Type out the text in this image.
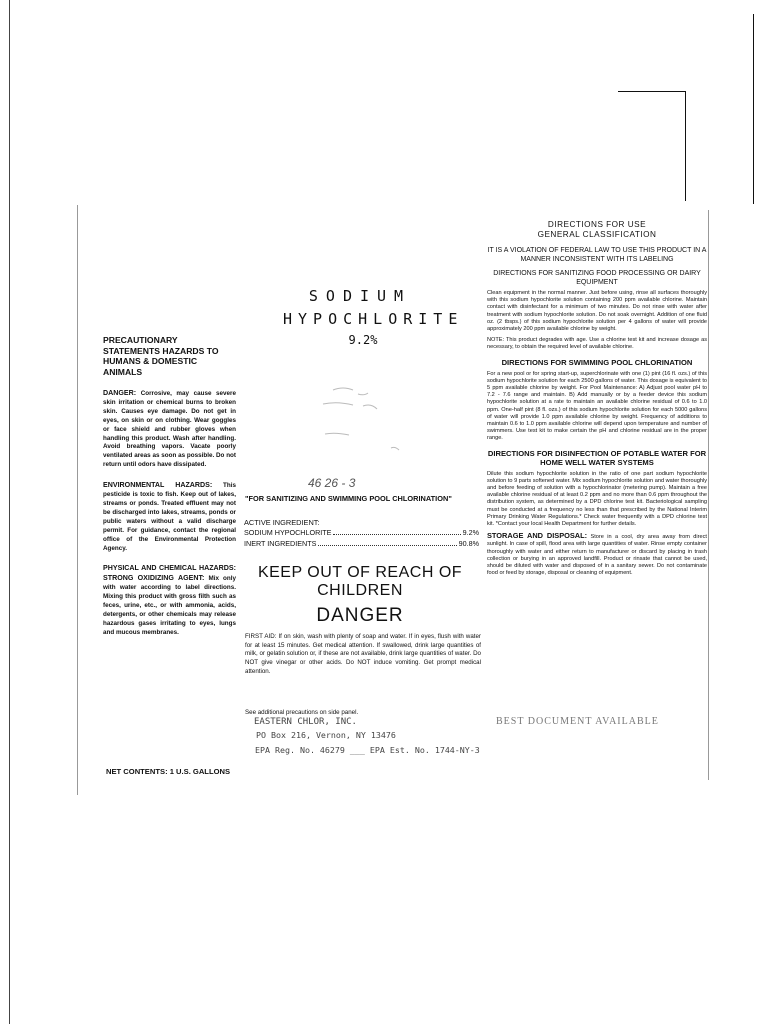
PRECAUTIONARY STATEMENTS HAZARDS TO HUMANS & DOMESTIC ANIMALS
DANGER: Corrosive, may cause severe skin irritation or chemical burns to broken skin. Causes eye damage. Do not get in eyes, on skin or on clothing. Wear goggles or face shield and rubber gloves when handling this product. Wash after handling. Avoid breathing vapors. Vacate poorly ventilated areas as soon as possible. Do not return until odors have dissipated.
ENVIRONMENTAL HAZARDS: This pesticide is toxic to fish. Keep out of lakes, streams or ponds. Treated effluent may not be discharged into lakes, streams, ponds or public waters without a valid discharge permit. For guidance, contact the regional office of the Environmental Protection Agency.
PHYSICAL AND CHEMICAL HAZARDS: STRONG OXIDIZING AGENT: Mix only with water according to label directions. Mixing this product with gross filth such as feces, urine, etc., or with ammonia, acids, detergents, or other chemicals may release hazardous gases irritating to eyes, lungs and mucous membranes.
NET CONTENTS: 1 U.S. GALLONS
SODIUM
HYPOCHLORITE
9.2%
46 26 - 3
"FOR SANITIZING AND SWIMMING POOL CHLORINATION"
ACTIVE INGREDIENT:
SODIUM HYPOCHLORITE	9.2%
INERT INGREDIENTS	90.8%
KEEP OUT OF REACH OF CHILDREN
DANGER
FIRST AID: If on skin, wash with plenty of soap and water. If in eyes, flush with water for at least 15 minutes. Get medical attention. If swallowed, drink large quantities of milk, or gelatin solution or, if these are not available, drink large quantities of water. Do NOT give vinegar or other acids. Do NOT induce vomiting. Get prompt medical attention.
See additional precautions on side panel.
EASTERN CHLOR, INC.
PO Box 216, Vernon, NY 13476
EPA Reg. No. 46279 ___ EPA Est. No. 1744-NY-3
DIRECTIONS FOR USE
GENERAL CLASSIFICATION
IT IS A VIOLATION OF FEDERAL LAW TO USE THIS PRODUCT IN A MANNER INCONSISTENT WITH ITS LABELING
DIRECTIONS FOR SANITIZING FOOD PROCESSING OR DAIRY EQUIPMENT

Clean equipment in the normal manner. Just before using, rinse all surfaces thoroughly with this sodium hypochlorite solution containing 200 ppm available chlorine. Maintain contact with disinfectant for a minimum of two minutes. Do not rinse with water after treatment with sodium hypochlorite solution. Do not soak overnight. Addition of one fluid oz. (2 tbsps.) of this sodium hypochlorite solution per 4 gallons of water will provide approximately 200 ppm available chlorine by weight.

NOTE: This product degrades with age. Use a chlorine test kit and increase dosage as necessary, to obtain the required level of available chlorine.

DIRECTIONS FOR SWIMMING POOL CHLORINATION

For a new pool or for spring start-up, superchlorinate with one (1) pint (16 fl. ozs.) of this sodium hypochlorite solution for each 2500 gallons of water. This dosage is equivalent to 5 ppm available chlorine by weight. For Pool Maintenance: A) Adjust pool water pH to 7.2 - 7.6 range and maintain. B) Add manually or by a feeder device this sodium hypochlorite solution at a rate to maintain an available chlorine residual of 0.6 to 1.0 ppm. One-half pint (8 fl. ozs.) of this sodium hypochlorite solution for each 5000 gallons of water will provide 1.0 ppm available chlorine by weight. Frequency of additions to maintain 0.6 to 1.0 ppm available chlorine will depend upon temperature and number of swimmers. Use test kit to make certain the pH and chlorine residual are in the proper range.

DIRECTIONS FOR DISINFECTION OF POTABLE WATER FOR HOME WELL WATER SYSTEMS

Dilute this sodium hypochlorite solution in the ratio of one part sodium hypochlorite solution to 9 parts softened water. Mix sodium hypochlorite solution and water thoroughly and before feeding of solution with a hypochlorinator (metering pump). Maintain a free available chlorine residual of at least 0.2 ppm and no more than 0.6 ppm throughout the distribution system, as determined by a DPD chlorine test kit. Bacteriological sampling must be conducted at a frequency no less than that prescribed by the National Interim Primary Drinking Water Regulations.* Check water frequently with a DPD chlorine test kit. *Contact your local Health Department for further details.

STORAGE AND DISPOSAL: Store in a cool, dry area away from direct sunlight. In case of spill, flood area with large quantities of water. Rinse empty container thoroughly with water and either return to manufacturer or discard by placing in trash collection or burying in an approved landfill. Product or rinsate that cannot be used, should be diluted with water and disposed of in a sanitary sewer. Do not contaminate food or feed by storage, disposal or cleaning of equipment.

BEST DOCUMENT AVAILABLE
